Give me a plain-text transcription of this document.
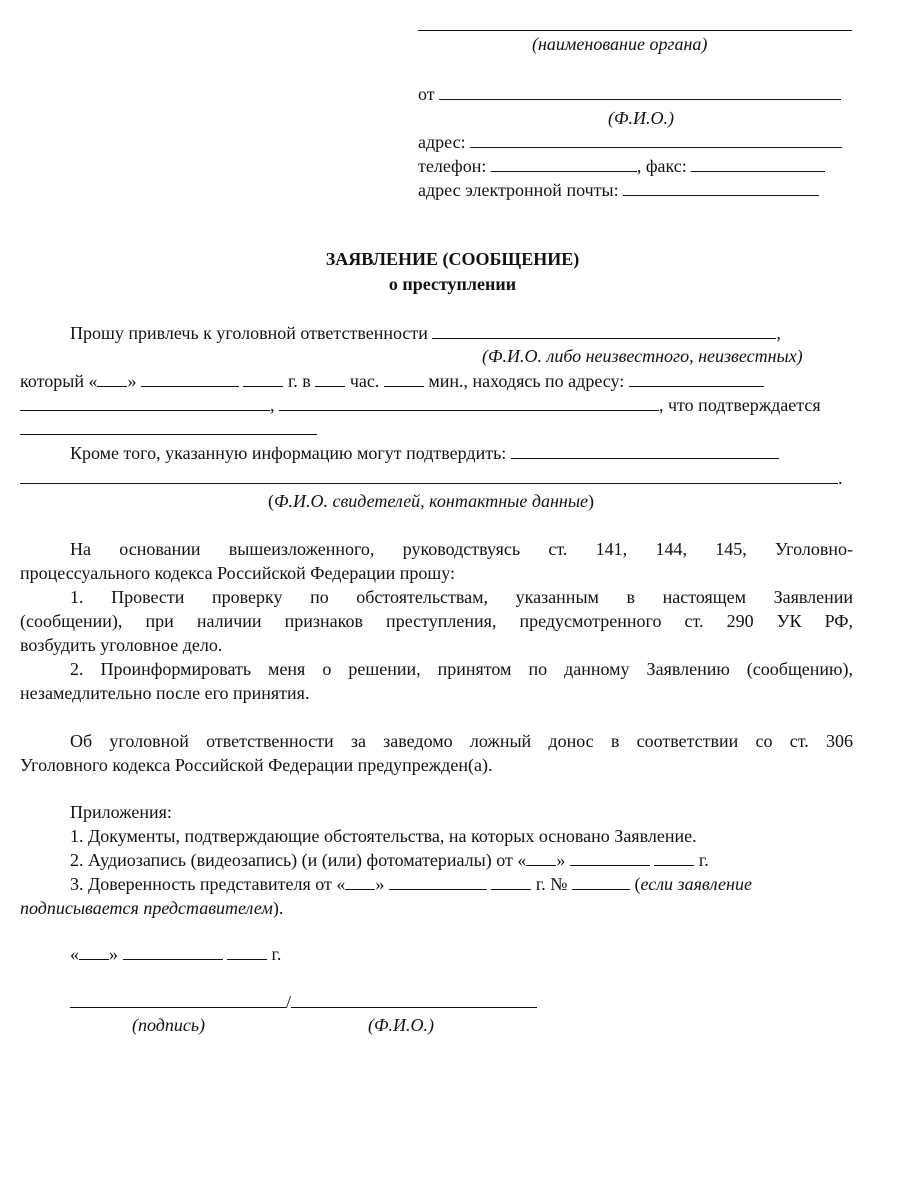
(наименование органа)
от
(Ф.И.О.)
адрес:
телефон:	, факс:
адрес электронной почты:
ЗАЯВЛЕНИЕ (СООБЩЕНИЕ)
о преступлении
Прошу привлечь к уголовной ответственности	,
(Ф.И.О. либо неизвестного, неизвестных)
который « »	г. в час.	мин., находясь по адресу:
,	, что подтверждается
Кроме того, указанную информацию могут подтвердить:
.
(Ф.И.О. свидетелей, контактные данные)
На основании вышеизложенного, руководствуясь ст. 141, 144, 145, Уголовно-
процессуального кодекса Российской Федерации прошу:
1. Провести проверку по обстоятельствам, указанным в настоящем Заявлении
(сообщении), при наличии признаков преступления, предусмотренного ст. 290 УК РФ,
возбудить уголовное дело.
2. Проинформировать меня о решении, принятом по данному Заявлению (сообщению),
незамедлительно после его принятия.
Об уголовной ответственности за заведомо ложный донос в соответствии со ст. 306
Уголовного кодекса Российской Федерации предупрежден(а).
Приложения:
1. Документы, подтверждающие обстоятельства, на которых основано Заявление.
2. Аудиозапись (видеозапись) (и (или) фотоматериалы) от « »	г.
3. Доверенность представителя от « »	г. №	(если заявление
подписывается представителем).
« »	г.
/
(подпись)	(Ф.И.О.)
